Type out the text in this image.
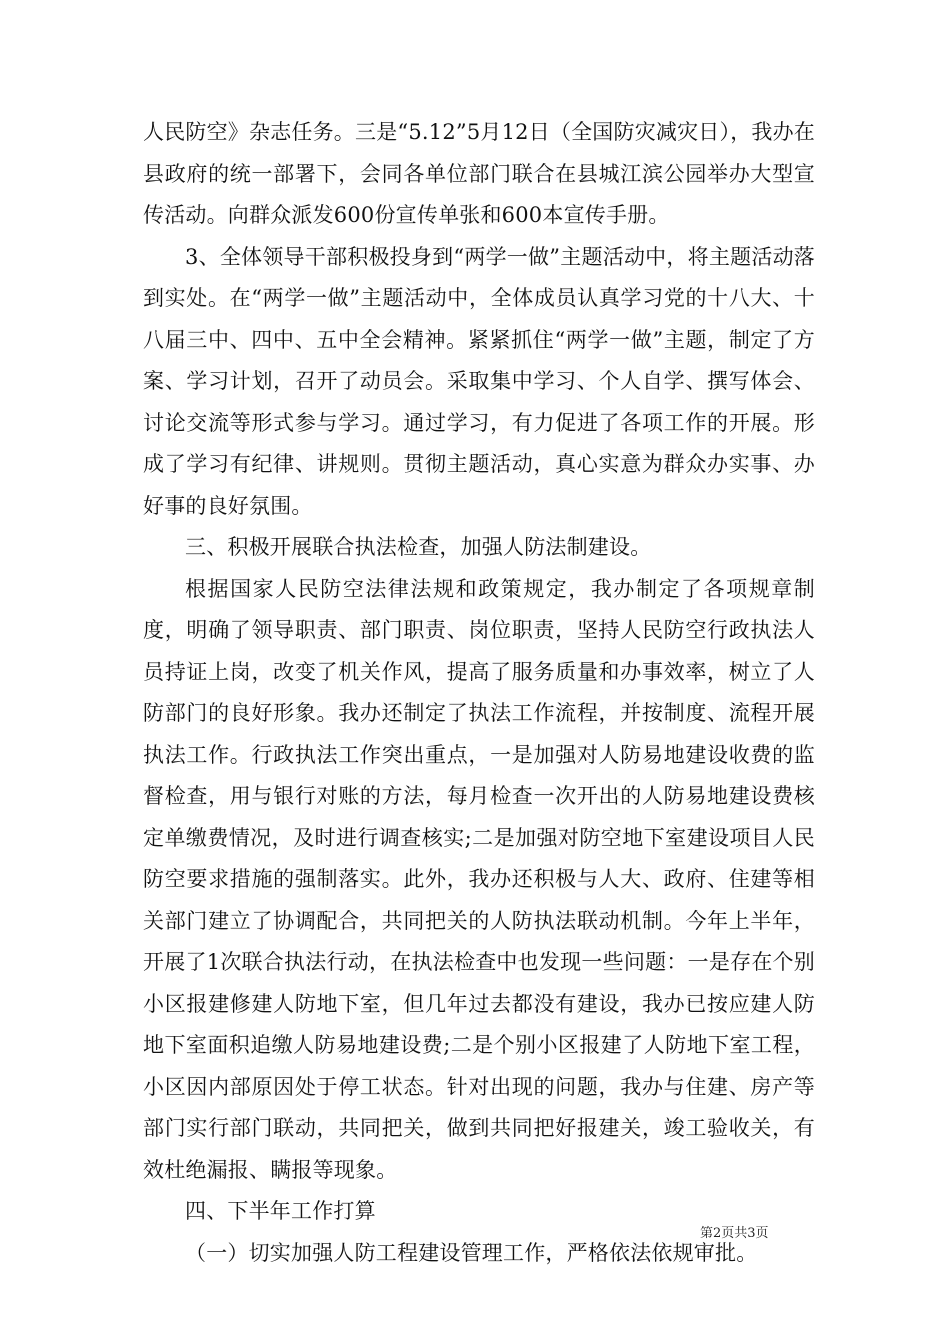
人民防空》杂志任务。三是“5.12”5月12日（全国防灾减灾日），我办在县政府的统一部署下，会同各单位部门联合在县城江滨公园举办大型宣传活动。向群众派发600份宣传单张和600本宣传手册。

3、全体领导干部积极投身到“两学一做”主题活动中，将主题活动落到实处。在“两学一做”主题活动中，全体成员认真学习党的十八大、十八届三中、四中、五中全会精神。紧紧抓住“两学一做”主题，制定了方案、学习计划，召开了动员会。采取集中学习、个人自学、撰写体会、讨论交流等形式参与学习。通过学习，有力促进了各项工作的开展。形成了学习有纪律、讲规则。贯彻主题活动，真心实意为群众办实事、办好事的良好氛围。

三、积极开展联合执法检查，加强人防法制建设。

根据国家人民防空法律法规和政策规定，我办制定了各项规章制度，明确了领导职责、部门职责、岗位职责，坚持人民防空行政执法人员持证上岗，改变了机关作风，提高了服务质量和办事效率，树立了人防部门的良好形象。我办还制定了执法工作流程，并按制度、流程开展执法工作。行政执法工作突出重点，一是加强对人防易地建设收费的监督检查，用与银行对账的方法，每月检查一次开出的人防易地建设费核定单缴费情况，及时进行调查核实;二是加强对防空地下室建设项目人民防空要求措施的强制落实。此外，我办还积极与人大、政府、住建等相关部门建立了协调配合，共同把关的人防执法联动机制。今年上半年，开展了1次联合执法行动，在执法检查中也发现一些问题：一是存在个别小区报建修建人防地下室，但几年过去都没有建设，我办已按应建人防地下室面积追缴人防易地建设费;二是个别小区报建了人防地下室工程，小区因内部原因处于停工状态。针对出现的问题，我办与住建、房产等部门实行部门联动，共同把关，做到共同把好报建关，竣工验收关，有效杜绝漏报、瞒报等现象。

四、下半年工作打算

（一）切实加强人防工程建设管理工作，严格依法依规审批。

第2页共3页
